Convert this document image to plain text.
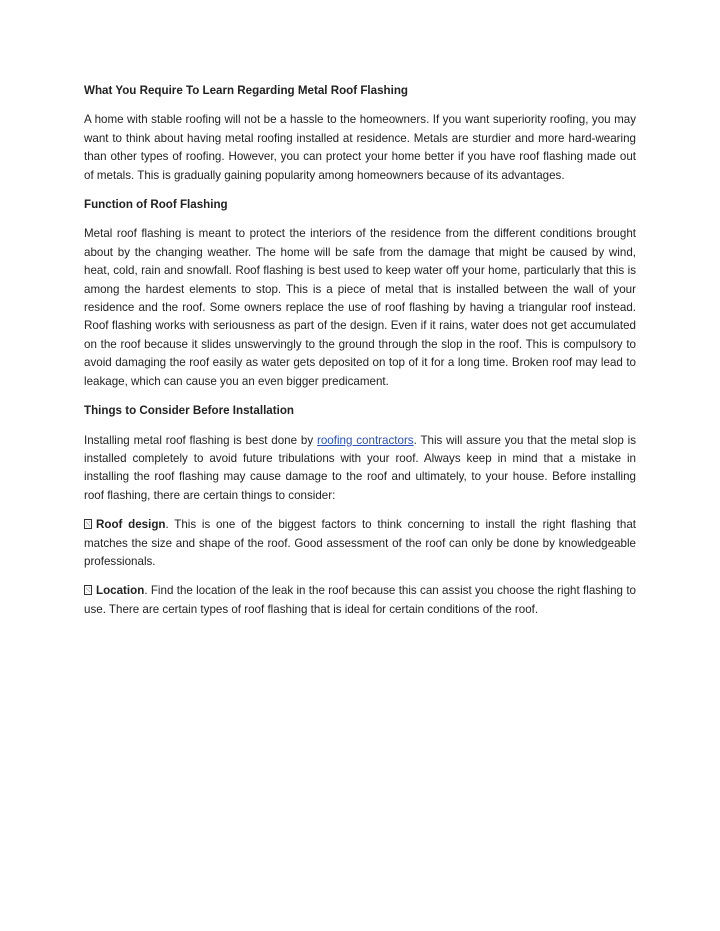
What You Require To Learn Regarding Metal Roof Flashing

A home with stable roofing will not be a hassle to the homeowners. If you want superiority roofing, you may want to think about having metal roofing installed at residence. Metals are sturdier and more hard-wearing than other types of roofing. However, you can protect your home better if you have roof flashing made out of metals. This is gradually gaining popularity among homeowners because of its advantages.

Function of Roof Flashing

Metal roof flashing is meant to protect the interiors of the residence from the different conditions brought about by the changing weather. The home will be safe from the damage that might be caused by wind, heat, cold, rain and snowfall. Roof flashing is best used to keep water off your home, particularly that this is among the hardest elements to stop. This is a piece of metal that is installed between the wall of your residence and the roof. Some owners replace the use of roof flashing by having a triangular roof instead. Roof flashing works with seriousness as part of the design. Even if it rains, water does not get accumulated on the roof because it slides unswervingly to the ground through the slop in the roof. This is compulsory to avoid damaging the roof easily as water gets deposited on top of it for a long time. Broken roof may lead to leakage, which can cause you an even bigger predicament.

Things to Consider Before Installation

Installing metal roof flashing is best done by roofing contractors. This will assure you that the metal slop is installed completely to avoid future tribulations with your roof. Always keep in mind that a mistake in installing the roof flashing may cause damage to the roof and ultimately, to your house. Before installing roof flashing, there are certain things to consider:

Roof design. This is one of the biggest factors to think concerning to install the right flashing that matches the size and shape of the roof. Good assessment of the roof can only be done by knowledgeable professionals.

Location. Find the location of the leak in the roof because this can assist you choose the right flashing to use. There are certain types of roof flashing that is ideal for certain conditions of the roof.
